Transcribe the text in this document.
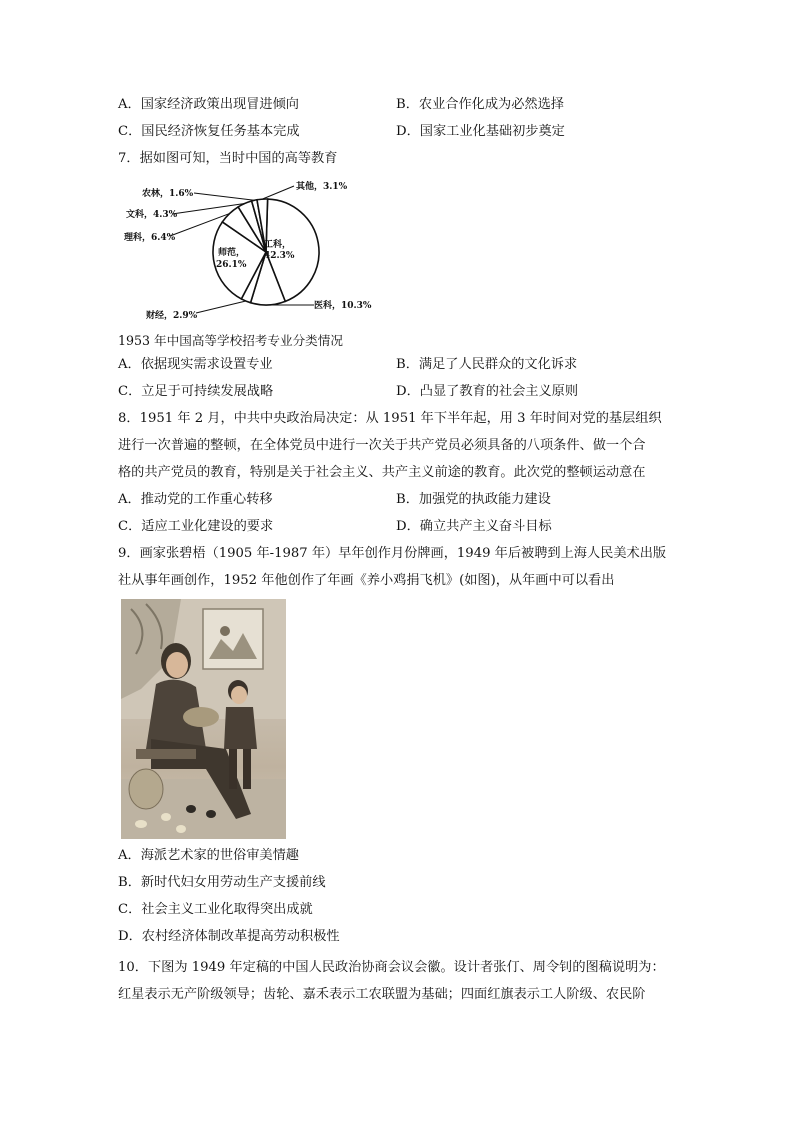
A．国家经济政策出现冒进倾向	B．农业合作化成为必然选择
C．国民经济恢复任务基本完成	D．国家工业化基础初步奠定
7．据如图可知，当时中国的高等教育
农林，1.6%
其他，3.1%
文科，4.3%
理科，6.4%
医科，10.3%
财经，2.9%
工科，
42.3%
师范，
26.1%
1953 年中国高等学校招考专业分类情况
A．依据现实需求设置专业	B．满足了人民群众的文化诉求
C．立足于可持续发展战略	D．凸显了教育的社会主义原则
8．1951 年 2 月，中共中央政治局决定：从 1951 年下半年起，用 3 年时间对党的基层组织
进行一次普遍的整顿，在全体党员中进行一次关于共产党员必须具备的八项条件、做一个合
格的共产党员的教育，特别是关于社会主义、共产主义前途的教育。此次党的整顿运动意在
A．推动党的工作重心转移	B．加强党的执政能力建设
C．适应工业化建设的要求	D．确立共产主义奋斗目标
9．画家张碧梧（1905 年-1987 年）早年创作月份牌画，1949 年后被聘到上海人民美术出版
社从事年画创作，1952 年他创作了年画《养小鸡捐飞机》(如图)，从年画中可以看出
A．海派艺术家的世俗审美情趣
B．新时代妇女用劳动生产支援前线
C．社会主义工业化取得突出成就
D．农村经济体制改革提高劳动积极性
10．下图为 1949 年定稿的中国人民政治协商会议会徽。设计者张仃、周令钊的图稿说明为：
红星表示无产阶级领导；齿轮、嘉禾表示工农联盟为基础；四面红旗表示工人阶级、农民阶
